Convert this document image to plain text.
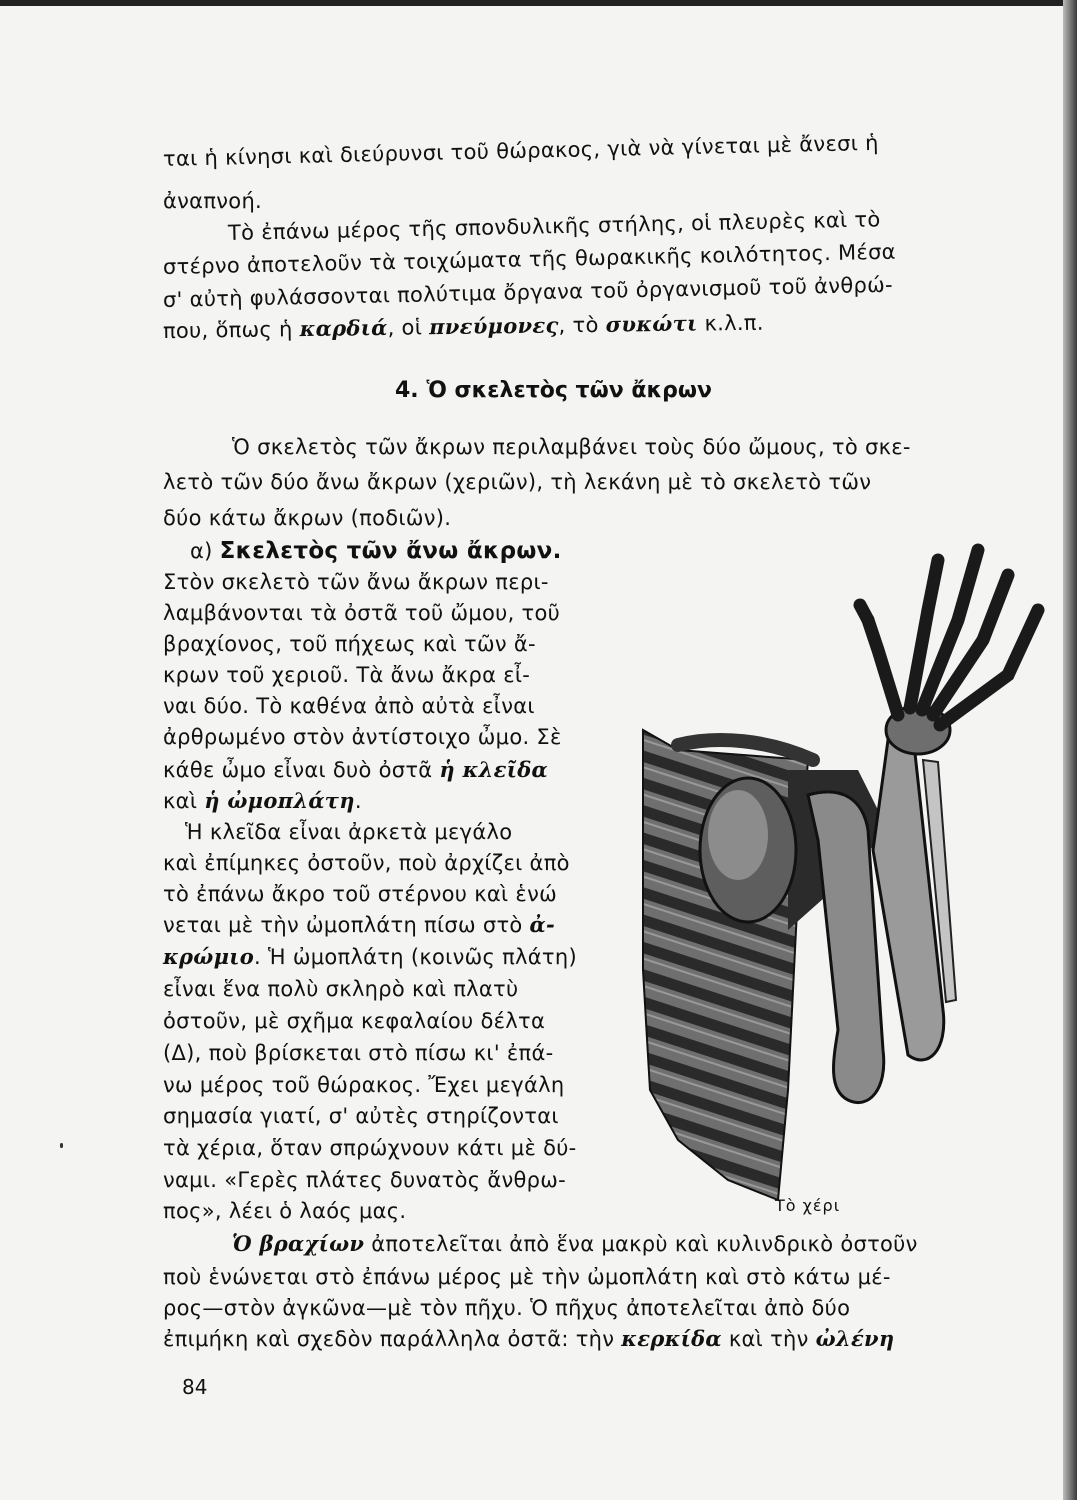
ται ἡ κίνησι καὶ διεύρυνσι τοῦ θώρακος, γιὰ νὰ γίνεται μὲ ἄνεσι ἡ
ἀναπνοή.
Τὸ ἐπάνω μέρος τῆς σπονδυλικῆς στήλης, οἱ πλευρὲς καὶ τὸ
στέρνο ἀποτελοῦν τὰ τοιχώματα τῆς θωρακικῆς κοιλότητος. Μέσα
σ' αὐτὴ φυλάσσονται πολύτιμα ὄργανα τοῦ ὀργανισμοῦ τοῦ ἀνθρώ-
που, ὅπως ἡ καρδιά, οἱ πνεύμονες, τὸ συκώτι κ.λ.π.
4. Ὁ σκελετὸς τῶν ἄκρων
Ὁ σκελετὸς τῶν ἄκρων περιλαμβάνει τοὺς δύο ὤμους, τὸ σκε-
λετὸ τῶν δύο ἄνω ἄκρων (χεριῶν), τὴ λεκάνη μὲ τὸ σκελετὸ τῶν
δύο κάτω ἄκρων (ποδιῶν).
α) Σκελετὸς τῶν ἄνω ἄκρων.
Στὸν σκελετὸ τῶν ἄνω ἄκρων περι-
λαμβάνονται τὰ ὀστᾶ τοῦ ὤμου, τοῦ
βραχίονος, τοῦ πήχεως καὶ τῶν ἄ-
κρων τοῦ χεριοῦ. Τὰ ἄνω ἄκρα εἶ-
ναι δύο. Τὸ καθένα ἀπὸ αὐτὰ εἶναι
ἀρθρωμένο στὸν ἀντίστοιχο ὦμο. Σὲ
κάθε ὦμο εἶναι δυὸ ὀστᾶ ἡ κλεῖδα
καὶ ἡ ὠμοπλάτη.
Ἡ κλεῖδα εἶναι ἀρκετὰ μεγάλο
καὶ ἐπίμηκες ὀστοῦν, ποὺ ἀρχίζει ἀπὸ
τὸ ἐπάνω ἄκρο τοῦ στέρνου καὶ ἑνώ
νεται μὲ τὴν ὠμοπλάτη πίσω στὸ ἀ-
κρώμιο. Ἡ ὠμοπλάτη (κοινῶς πλάτη)
εἶναι ἕνα πολὺ σκληρὸ καὶ πλατὺ
ὀστοῦν, μὲ σχῆμα κεφαλαίου δέλτα
(Δ), ποὺ βρίσκεται στὸ πίσω κι' ἐπά-
νω μέρος τοῦ θώρακος. Ἔχει μεγάλη
σημασία γιατί, σ' αὐτὲς στηρίζονται
τὰ χέρια, ὅταν σπρώχνουν κάτι μὲ δύ-
ναμι. «Γερὲς πλάτες δυνατὸς ἄνθρω-
πος», λέει ὁ λαός μας.	Τὸ χέρι
Ὁ βραχίων ἀποτελεῖται ἀπὸ ἕνα μακρὺ καὶ κυλινδρικὸ ὀστοῦν
ποὺ ἑνώνεται στὸ ἐπάνω μέρος μὲ τὴν ὠμοπλάτη καὶ στὸ κάτω μέ-
ρος—στὸν ἀγκῶνα—μὲ τὸν πῆχυ. Ὁ πῆχυς ἀποτελεῖται ἀπὸ δύο
ἐπιμήκη καὶ σχεδὸν παράλληλα ὀστᾶ: τὴν κερκίδα καὶ τὴν ὠλένη
84
